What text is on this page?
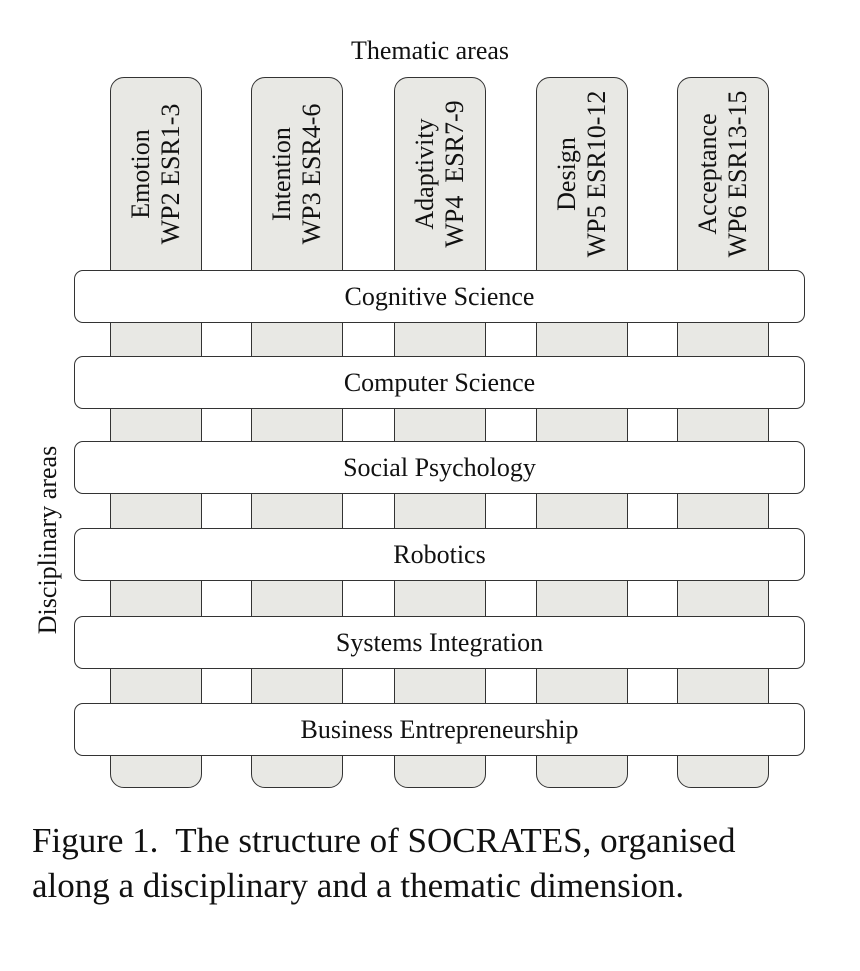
Thematic areas
Disciplinary areas
Emotion WP2 ESR1-3	Intention WP3 ESR4-6	Adaptivity WP4  ESR7-9	Design WP5 ESR10-12	Acceptance WP6 ESR13-15
Cognitive Science
Computer Science
Social Psychology
Robotics
Systems Integration
Business Entrepreneurship
Figure 1.  The structure of SOCRATES, organised
along a disciplinary and a thematic dimension.
